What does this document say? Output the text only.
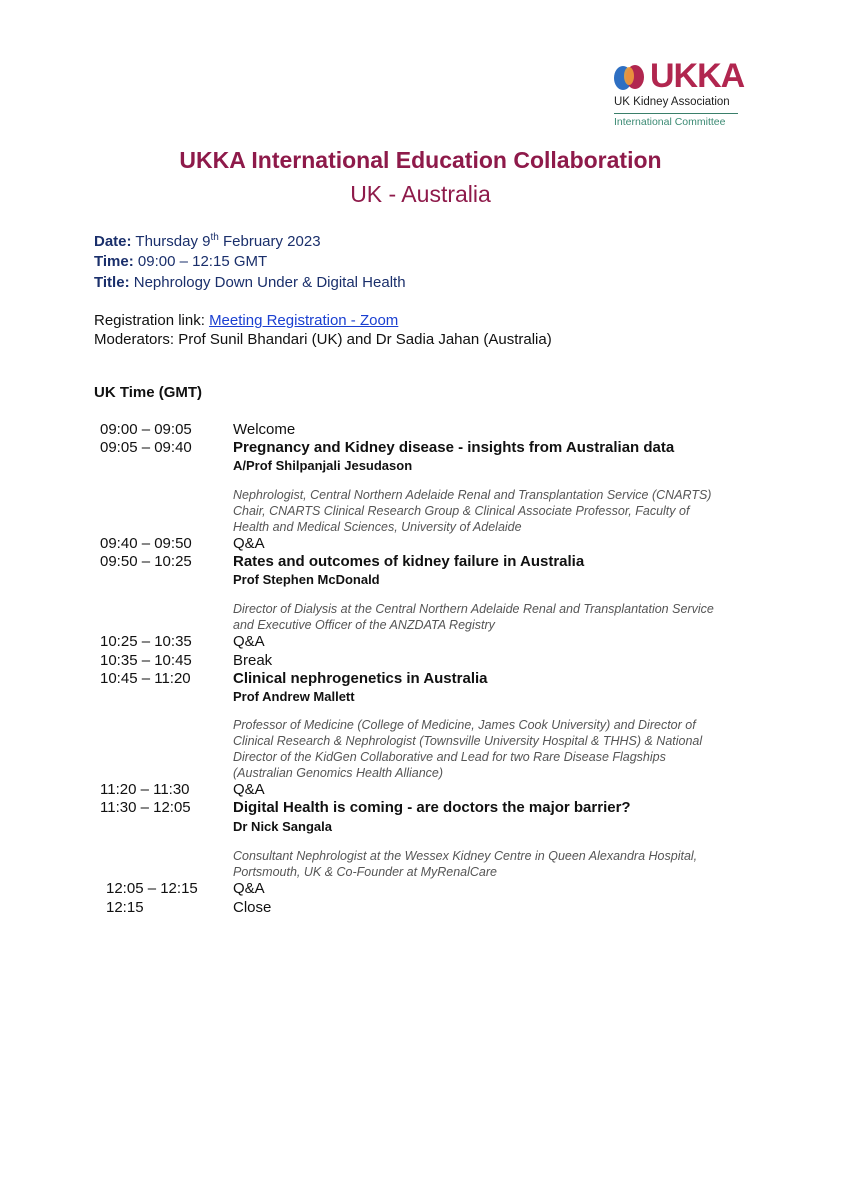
UKKA
UK Kidney Association
International Committee
UKKA International Education Collaboration
UK - Australia
Date: Thursday 9th February 2023
Time: 09:00 – 12:15 GMT
Title: Nephrology Down Under & Digital Health
Registration link: Meeting Registration - Zoom
Moderators: Prof Sunil Bhandari (UK) and Dr Sadia Jahan (Australia)
UK Time (GMT)
09:00 – 09:05	Welcome
09:05 – 09:40	Pregnancy and Kidney disease - insights from Australian data
A/Prof Shilpanjali Jesudason
Nephrologist, Central Northern Adelaide Renal and Transplantation Service (CNARTS)
Chair, CNARTS Clinical Research Group & Clinical Associate Professor, Faculty of
Health and Medical Sciences, University of Adelaide
09:40 – 09:50	Q&A
09:50 – 10:25	Rates and outcomes of kidney failure in Australia
Prof Stephen McDonald
Director of Dialysis at the Central Northern Adelaide Renal and Transplantation Service
and Executive Officer of the ANZDATA Registry
10:25 – 10:35	Q&A
10:35 – 10:45	Break
10:45 – 11:20	Clinical nephrogenetics in Australia
Prof Andrew Mallett
Professor of Medicine (College of Medicine, James Cook University) and Director of
Clinical Research & Nephrologist (Townsville University Hospital & THHS) & National
Director of the KidGen Collaborative and Lead for two Rare Disease Flagships
(Australian Genomics Health Alliance)
11:20 – 11:30	Q&A
11:30 – 12:05	Digital Health is coming - are doctors the major barrier?
Dr Nick Sangala
Consultant Nephrologist at the Wessex Kidney Centre in Queen Alexandra Hospital,
Portsmouth, UK & Co-Founder at MyRenalCare
12:05 – 12:15 Q&A
12:15	Close
